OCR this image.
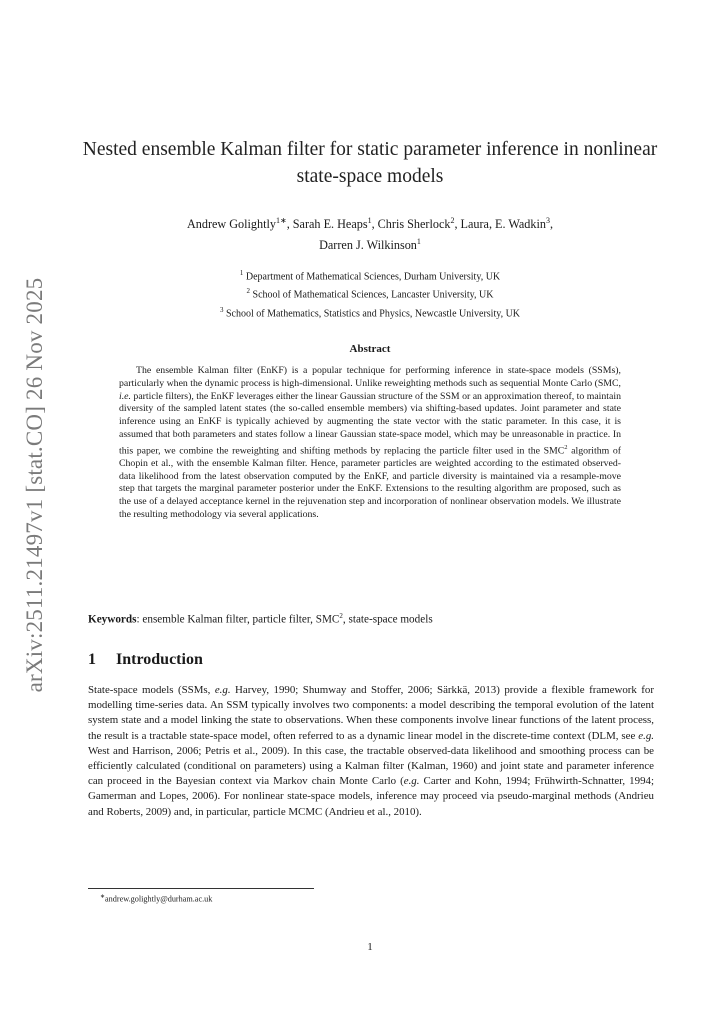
arXiv:2511.21497v1 [stat.CO] 26 Nov 2025
Nested ensemble Kalman filter for static parameter inference in nonlinear state-space models
Andrew Golightly$^{1∗}$, Sarah E. Heaps$^1$, Chris Sherlock$^2$, Laura, E. Wadkin$^3$,
Darren J. Wilkinson$^1$
$^1$ Department of Mathematical Sciences, Durham University, UK
$^2$ School of Mathematical Sciences, Lancaster University, UK
$^3$ School of Mathematics, Statistics and Physics, Newcastle University, UK
Abstract

The ensemble Kalman filter (EnKF) is a popular technique for performing inference in state-space models (SSMs), particularly when the dynamic process is high-dimensional. Unlike reweighting methods such as sequential Monte Carlo (SMC, i.e. particle filters), the EnKF leverages either the linear Gaussian structure of the SSM or an approximation thereof, to maintain diversity of the sampled latent states (the so-called ensemble members) via shifting-based updates. Joint parameter and state inference using an EnKF is typically achieved by augmenting the state vector with the static parameter. In this case, it is assumed that both parameters and states follow a linear Gaussian state-space model, which may be unreasonable in practice. In this paper, we combine the reweighting and shifting methods by replacing the particle filter used in the SMC$^2$ algorithm of Chopin et al., with the ensemble Kalman filter. Hence, parameter particles are weighted according to the estimated observed-data likelihood from the latest observation computed by the EnKF, and particle diversity is maintained via a resample-move step that targets the marginal parameter posterior under the EnKF. Extensions to the resulting algorithm are proposed, such as the use of a delayed acceptance kernel in the rejuvenation step and incorporation of nonlinear observation models. We illustrate the resulting methodology via several applications.

Keywords: ensemble Kalman filter, particle filter, SMC$^2$, state-space models
1 Introduction

State-space models (SSMs, e.g. Harvey, 1990; Shumway and Stoffer, 2006; Särkkä, 2013) provide a flexible framework for modelling time-series data. An SSM typically involves two components: a model describing the temporal evolution of the latent system state and a model linking the state to observations. When these components involve linear functions of the latent process, the result is a tractable state-space model, often referred to as a dynamic linear model in the discrete-time context (DLM, see e.g. West and Harrison, 2006; Petris et al., 2009). In this case, the tractable observed-data likelihood and smoothing process can be efficiently calculated (conditional on parameters) using a Kalman filter (Kalman, 1960) and joint state and parameter inference can proceed in the Bayesian context via Markov chain Monte Carlo (e.g. Carter and Kohn, 1994; Frühwirth-Schnatter, 1994; Gamerman and Lopes, 2006). For nonlinear state-space models, inference may proceed via pseudo-marginal methods (Andrieu and Roberts, 2009) and, in particular, particle MCMC (Andrieu et al., 2010).

∗andrew.golightly@durham.ac.uk
1
